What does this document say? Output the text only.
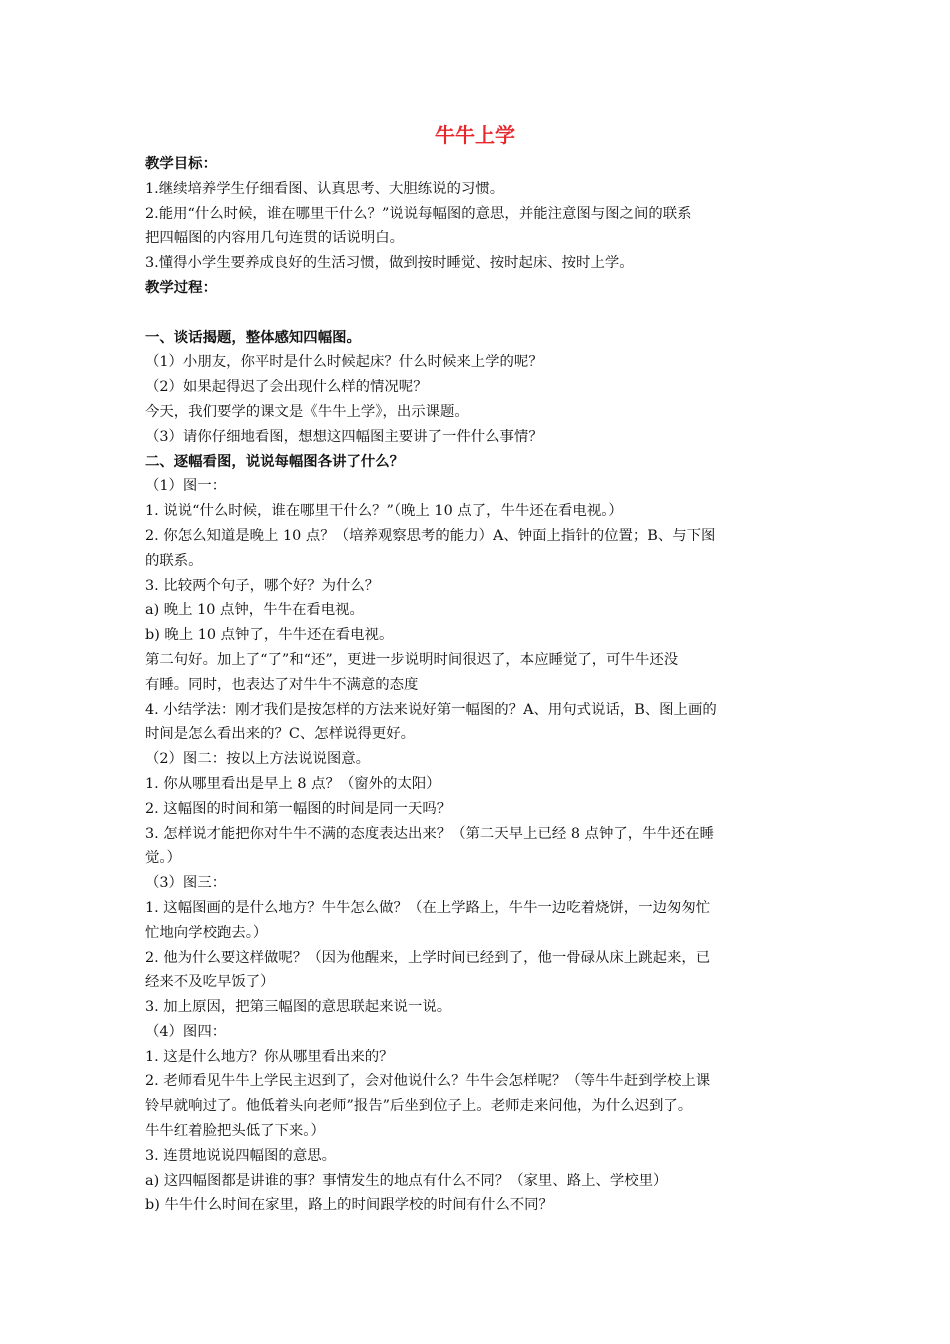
牛牛上学
教学目标：
1.继续培养学生仔细看图、认真思考、大胆练说的习惯。
2.能用“什么时候，谁在哪里干什么？”说说每幅图的意思，并能注意图与图之间的联系
把四幅图的内容用几句连贯的话说明白。
3.懂得小学生要养成良好的生活习惯，做到按时睡觉、按时起床、按时上学。
教学过程：
一、谈话揭题，整体感知四幅图。
（1）小朋友，你平时是什么时候起床？什么时候来上学的呢？
（2）如果起得迟了会出现什么样的情况呢？
今天，我们要学的课文是《牛牛上学》，出示课题。
（3）请你仔细地看图，想想这四幅图主要讲了一件什么事情？
二、逐幅看图，说说每幅图各讲了什么？
（1）图一：
1. 说说“什么时候，谁在哪里干什么？”（晚上 10 点了，牛牛还在看电视。）
2. 你怎么知道是晚上 10 点？（培养观察思考的能力）A、钟面上指针的位置；B、与下图
的联系。
3. 比较两个句子，哪个好？为什么？
a) 晚上 10 点钟，牛牛在看电视。
b) 晚上 10 点钟了，牛牛还在看电视。
第二句好。加上了“了”和“还”，更进一步说明时间很迟了，本应睡觉了，可牛牛还没
有睡。同时，也表达了对牛牛不满意的态度
4. 小结学法：刚才我们是按怎样的方法来说好第一幅图的？A、用句式说话，B、图上画的
时间是怎么看出来的？C、怎样说得更好。
（2）图二：按以上方法说说图意。
1. 你从哪里看出是早上 8 点？（窗外的太阳）
2. 这幅图的时间和第一幅图的时间是同一天吗？
3. 怎样说才能把你对牛牛不满的态度表达出来？（第二天早上已经 8 点钟了，牛牛还在睡
觉。）
（3）图三：
1. 这幅图画的是什么地方？牛牛怎么做？（在上学路上，牛牛一边吃着烧饼，一边匆匆忙
忙地向学校跑去。）
2. 他为什么要这样做呢？（因为他醒来，上学时间已经到了，他一骨碌从床上跳起来，已
经来不及吃早饭了）
3. 加上原因，把第三幅图的意思联起来说一说。
（4）图四：
1. 这是什么地方？你从哪里看出来的？
2. 老师看见牛牛上学民主迟到了，会对他说什么？牛牛会怎样呢？（等牛牛赶到学校上课
铃早就响过了。他低着头向老师”报告”后坐到位子上。老师走来问他，为什么迟到了。
牛牛红着脸把头低了下来。）
3. 连贯地说说四幅图的意思。
a) 这四幅图都是讲谁的事？事情发生的地点有什么不同？（家里、路上、学校里）
b) 牛牛什么时间在家里，路上的时间跟学校的时间有什么不同？
